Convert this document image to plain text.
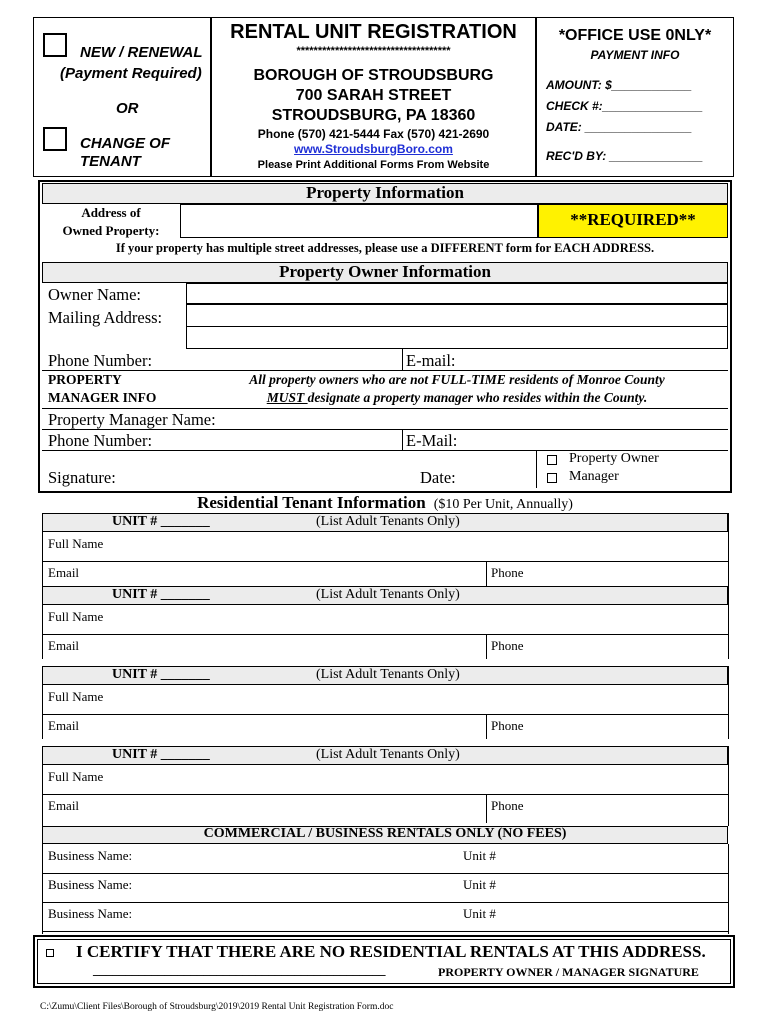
NEW / RENEWAL
(Payment Required)
OR
CHANGE OF
TENANT
RENTAL UNIT REGISTRATION
************************************
BOROUGH OF STROUDSBURG
700 SARAH STREET
STROUDSBURG, PA 18360
Phone (570) 421-5444 Fax (570) 421-2690
www.StroudsburgBoro.com
Please Print Additional Forms From Website
*OFFICE USE 0NLY*
PAYMENT INFO
AMOUNT: $____________
CHECK #:_______________
DATE: ________________
REC'D BY: ______________
Property Information
Address of
Owned Property:
**REQUIRED**
If your property has multiple street addresses, please use a DIFFERENT form for EACH ADDRESS.
Property Owner Information
Owner Name:
Mailing Address:
Phone Number:	E-mail:
PROPERTY
MANAGER INFO
All property owners who are not FULL-TIME residents of Monroe County
MUST designate a property manager who resides within the County.
Property Manager Name:
Phone Number:	E-Mail:
Signature:	Date:
Property Owner
Manager
Residential Tenant Information ($10 Per Unit, Annually)
UNIT # _______	(List Adult Tenants Only)
Full Name
Email	Phone
UNIT # _______	(List Adult Tenants Only)
Full Name
Email	Phone
UNIT # _______	(List Adult Tenants Only)
Full Name
Email	Phone
UNIT # _______	(List Adult Tenants Only)
Full Name
Email	Phone
COMMERCIAL / BUSINESS RENTALS ONLY (NO FEES)
Business Name:	Unit #
Business Name:	Unit #
Business Name:	Unit #
I CERTIFY THAT THERE ARE NO RESIDENTIAL RENTALS AT THIS ADDRESS.
_____________________________________________	PROPERTY OWNER / MANAGER SIGNATURE
C:\Zumu\Client Files\Borough of Stroudsburg\2019\2019 Rental Unit Registration Form.doc
